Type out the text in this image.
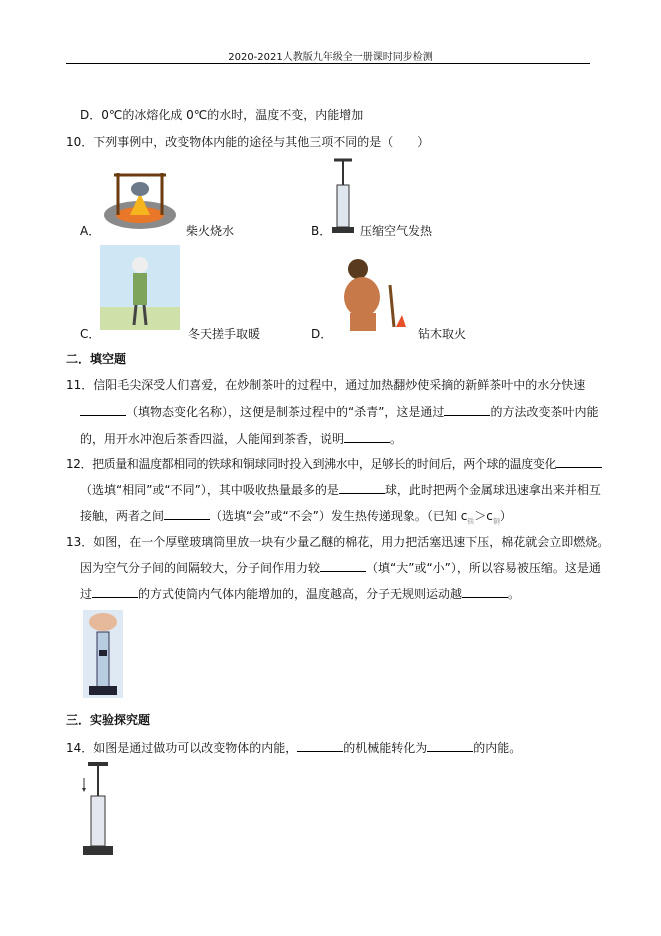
2020-2021人教版九年级全一册课时同步检测
D．0℃的冰熔化成 0℃的水时，温度不变，内能增加
10．下列事例中，改变物体内能的途径与其他三项不同的是（　　）
A．	柴火烧水	B． 压缩空气发热
C．	冬天搓手取暖	D．	钻木取火
二．填空题
11．信阳毛尖深受人们喜爱，在炒制茶叶的过程中，通过加热翻炒使采摘的新鲜茶叶中的水分快速
（填物态变化名称），这便是制茶过程中的“杀青”，这是通过	的方法改变茶叶内能
的，用开水冲泡后茶香四溢，人能闻到茶香，说明	。
12．把质量和温度都相同的铁球和铜球同时投入到沸水中，足够长的时间后，两个球的温度变化
（选填“相同”或“不同”），其中吸收热量最多的是	球，此时把两个金属球迅速拿出来并相互
接触，两者之间	（选填“会”或“不会”）发生热传递现象。（已知 $c_铁>c_铜$）
13．如图，在一个厚壁玻璃筒里放一块有少量乙醚的棉花，用力把活塞迅速下压，棉花就会立即燃烧。
因为空气分子间的间隔较大，分子间作用力较	（填“大”或“小”），所以容易被压缩。这是通
过	的方式使筒内气体内能增加的，温度越高，分子无规则运动越	。
三．实验探究题
14．如图是通过做功可以改变物体的内能，	的机械能转化为	的内能。
